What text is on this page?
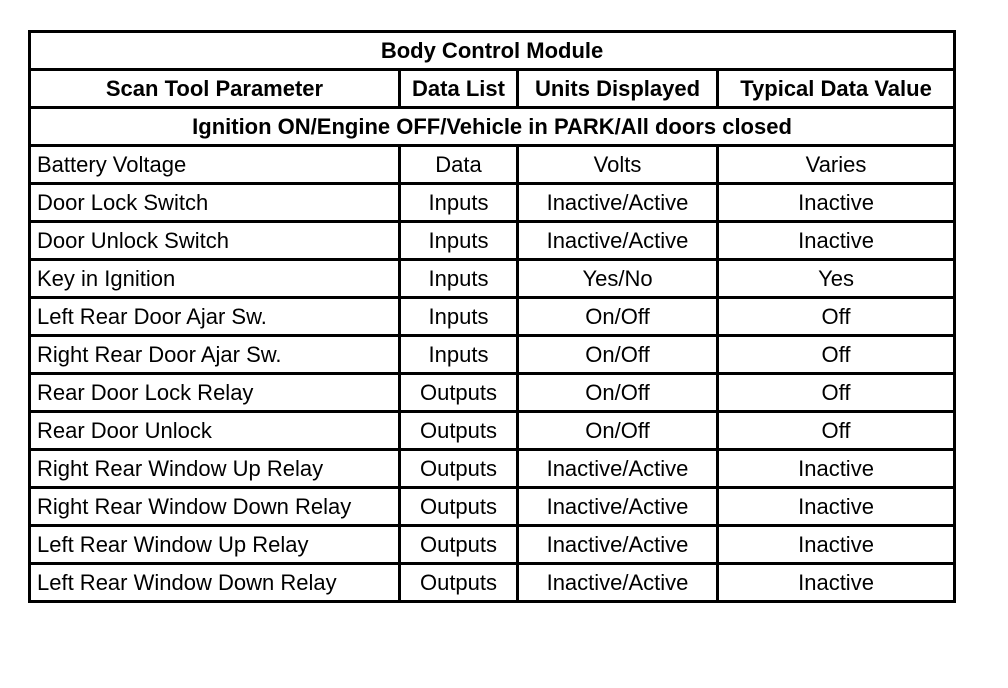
Body Control Module			
Scan Tool Parameter	Data List	Units Displayed	Typical Data Value
Ignition ON/Engine OFF/Vehicle in PARK/All doors closed			
Battery Voltage	Data	Volts	Varies
Door Lock Switch	Inputs	Inactive/Active	Inactive
Door Unlock Switch	Inputs	Inactive/Active	Inactive
Key in Ignition	Inputs	Yes/No	Yes
Left Rear Door Ajar Sw.	Inputs	On/Off	Off
Right Rear Door Ajar Sw.	Inputs	On/Off	Off
Rear Door Lock Relay	Outputs	On/Off	Off
Rear Door Unlock	Outputs	On/Off	Off
Right Rear Window Up Relay	Outputs	Inactive/Active	Inactive
Right Rear Window Down Relay	Outputs	Inactive/Active	Inactive
Left Rear Window Up Relay	Outputs	Inactive/Active	Inactive
Left Rear Window Down Relay	Outputs	Inactive/Active	Inactive
